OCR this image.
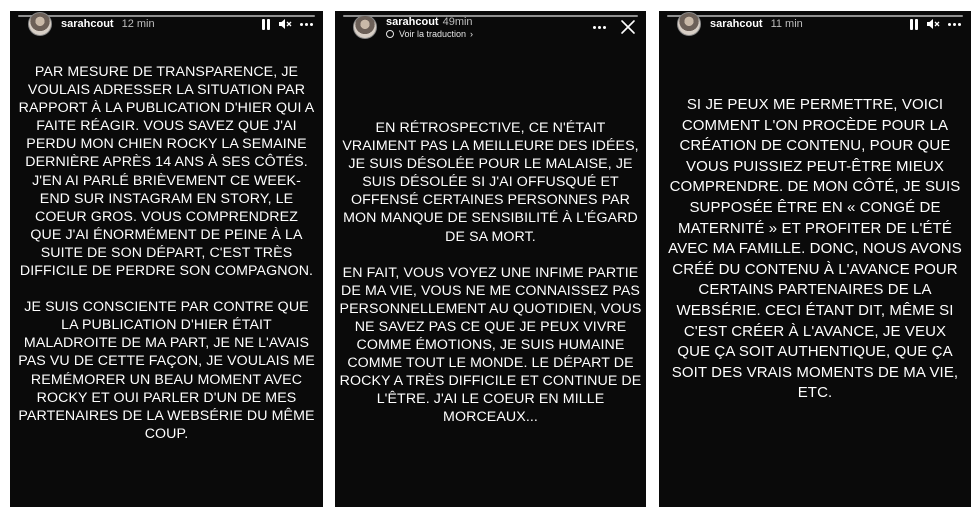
sarahcout 12 min

PAR MESURE DE TRANSPARENCE, JE VOULAIS ADRESSER LA SITUATION PAR RAPPORT À LA PUBLICATION D'HIER QUI A FAITE RÉAGIR. VOUS SAVEZ QUE J'AI PERDU MON CHIEN ROCKY LA SEMAINE DERNIÈRE APRÈS 14 ANS À SES CÔTÉS. J'EN AI PARLÉ BRIÈVEMENT CE WEEK-END SUR INSTAGRAM EN STORY, LE COEUR GROS. VOUS COMPRENDREZ QUE J'AI ÉNORMÉMENT DE PEINE À LA SUITE DE SON DÉPART, C'EST TRÈS DIFFICILE DE PERDRE SON COMPAGNON.

JE SUIS CONSCIENTE PAR CONTRE QUE LA PUBLICATION D'HIER ÉTAIT MALADROITE DE MA PART, JE NE L'AVAIS PAS VU DE CETTE FAÇON, JE VOULAIS ME REMÉMORER UN BEAU MOMENT AVEC ROCKY ET OUI PARLER D'UN DE MES PARTENAIRES DE LA WEBSÉRIE DU MÊME COUP.

sarahcout 49min
Voir la traduction ›

EN RÉTROSPECTIVE, CE N'ÉTAIT VRAIMENT PAS LA MEILLEURE DES IDÉES, JE SUIS DÉSOLÉE POUR LE MALAISE, JE SUIS DÉSOLÉE SI J'AI OFFUSQUÉ ET OFFENSÉ CERTAINES PERSONNES PAR MON MANQUE DE SENSIBILITÉ À L'ÉGARD DE SA MORT.

EN FAIT, VOUS VOYEZ UNE INFIME PARTIE DE MA VIE, VOUS NE ME CONNAISSEZ PAS PERSONNELLEMENT AU QUOTIDIEN, VOUS NE SAVEZ PAS CE QUE JE PEUX VIVRE COMME ÉMOTIONS, JE SUIS HUMAINE COMME TOUT LE MONDE. LE DÉPART DE ROCKY A TRÈS DIFFICILE ET CONTINUE DE L'ÊTRE. J'AI LE COEUR EN MILLE MORCEAUX...

sarahcout 11 min

SI JE PEUX ME PERMETTRE, VOICI COMMENT L'ON PROCÈDE POUR LA CRÉATION DE CONTENU, POUR QUE VOUS PUISSIEZ PEUT-ÊTRE MIEUX COMPRENDRE. DE MON CÔTÉ, JE SUIS SUPPOSÉE ÊTRE EN « CONGÉ DE MATERNITÉ » ET PROFITER DE L'ÉTÉ AVEC MA FAMILLE. DONC, NOUS AVONS CRÉÉ DU CONTENU À L'AVANCE POUR CERTAINS PARTENAIRES DE LA WEBSÉRIE. CECI ÉTANT DIT, MÊME SI C'EST CRÉER À L'AVANCE, JE VEUX QUE ÇA SOIT AUTHENTIQUE, QUE ÇA SOIT DES VRAIS MOMENTS DE MA VIE, ETC.
